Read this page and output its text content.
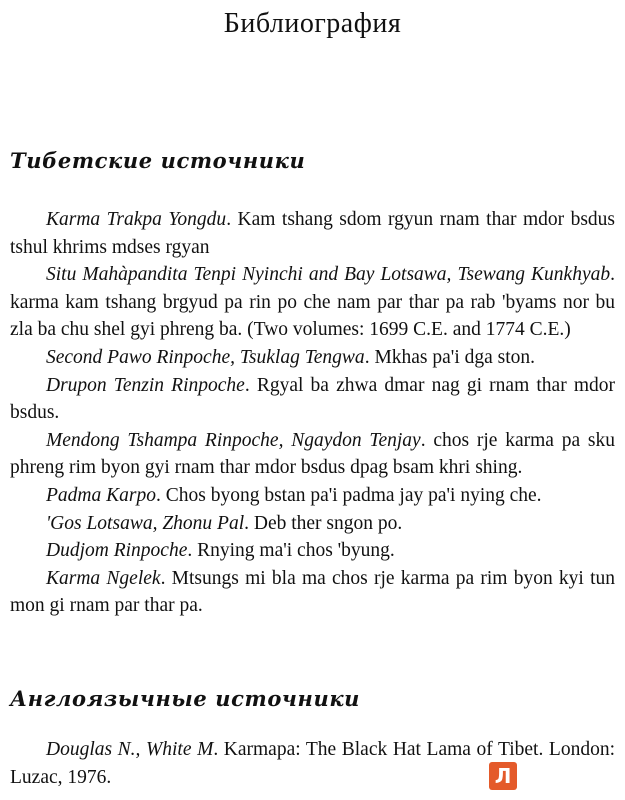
Библиография
Тибетские источники

Karma Trakpa Yongdu. Kam tshang sdom rgyun rnam thar mdor bsdus tshul khrims mdses rgyan

Situ Mahàpandita Tenpi Nyinchi and Bay Lotsawa, Tsewang Kunkhyab. karma kam tshang brgyud pa rin po che nam par thar pa rab 'byams nor bu zla ba chu shel gyi phreng ba. (Two volumes: 1699 C.E. and 1774 C.E.)

Second Pawo Rinpoche, Tsuklag Tengwa. Mkhas pa'i dga ston.

Drupon Tenzin Rinpoche. Rgyal ba zhwa dmar nag gi rnam thar mdor bsdus.

Mendong Tshampa Rinpoche, Ngaydon Tenjay. chos rje karma pa sku phreng rim byon gyi rnam thar mdor bsdus dpag bsam khri shing.

Padma Karpo. Chos byong bstan pa'i padma jay pa'i nying che.

'Gos Lotsawa, Zhonu Pal. Deb ther sngon po.

Dudjom Rinpoche. Rnying ma'i chos 'byung.

Karma Ngelek. Mtsungs mi bla ma chos rje karma pa rim byon kyi tun mon gi rnam par thar pa.

Англоязычные источники

Douglas N., White M. Karmapa: The Black Hat Lama of Tibet. London: Luzac, 1976.	Л
